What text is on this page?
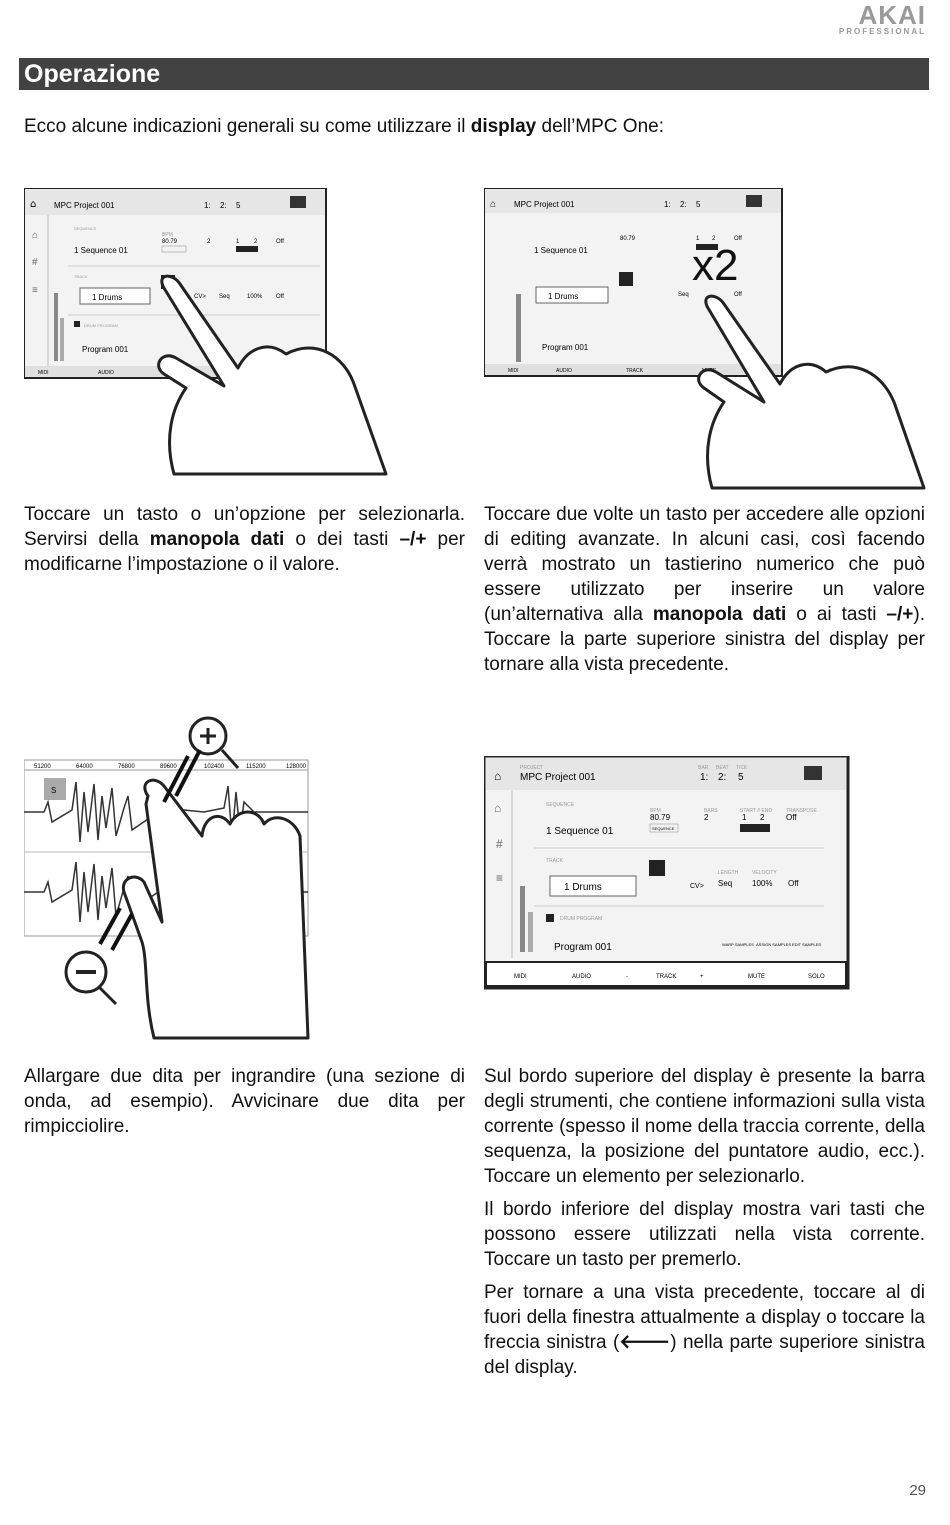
AKAI
PROFESSIONAL
Operazione
Ecco alcune indicazioni generali su come utilizzare il display dell’MPC One:
⌂ MPC Project 001	1: 2: 5
⌂
#
≡
SEQUENCE
1 Sequence 01
BPM
80.79	2	1 2	Off
TRACK
1 Drums	CV> Seq	100% Off
DRUM PROGRAM
Program 001
MIDI	AUDIO
⌂ MPC Project 001	1: 2: 5
1 Sequence 01
80.79	1 2	Off
1 Drums	Seq	Off
Program 001
MIDI	AUDIO	TRACK
x2

Toccare un tasto o un’opzione per selezionarla. Servirsi della manopola dati o dei tasti –/+ per modificarne l’impostazione o il valore.

Toccare due volte un tasto per accedere alle opzioni di editing avanzate. In alcuni casi, così facendo verrà mostrato un tastierino numerico che può essere utilizzato per inserire un valore (un’alternativa alla manopola dati o ai tasti –/+). Toccare la parte superiore sinistra del display per tornare alla vista precedente.

51200	64000	76800	89600	102400	115200	128000
S
⌂ MPC Project 001
PROJECT	BAR BEAT TICK
1: 2: 5
⌂
#
≡
SEQUENCE
1 Sequence 01
BPM
80.79
SEQUENCE
BARS
2
START // END
1 2
TRANSPOSE
Off
TRACK
1 Drums	CV>
LENGTH
Seq
VELOCITY
100% Off
DRUM PROGRAM
Program 001	WARP SAMPLES ASSIGN SAMPLES EDIT SAMPLES
MIDI	AUDIO	-	TRACK	+	MUTE	SOLO

Allargare due dita per ingrandire (una sezione di onda, ad esempio). Avvicinare due dita per rimpicciolire.

Sul bordo superiore del display è presente la barra degli strumenti, che contiene informazioni sulla vista corrente (spesso il nome della traccia corrente, della sequenza, la posizione del puntatore audio, ecc.). Toccare un elemento per selezionarlo.

Il bordo inferiore del display mostra vari tasti che possono essere utilizzati nella vista corrente. Toccare un tasto per premerlo.

Per tornare a una vista precedente, toccare al di fuori della finestra attualmente a display o toccare la freccia sinistra (🡐) nella parte superiore sinistra del display.

29
